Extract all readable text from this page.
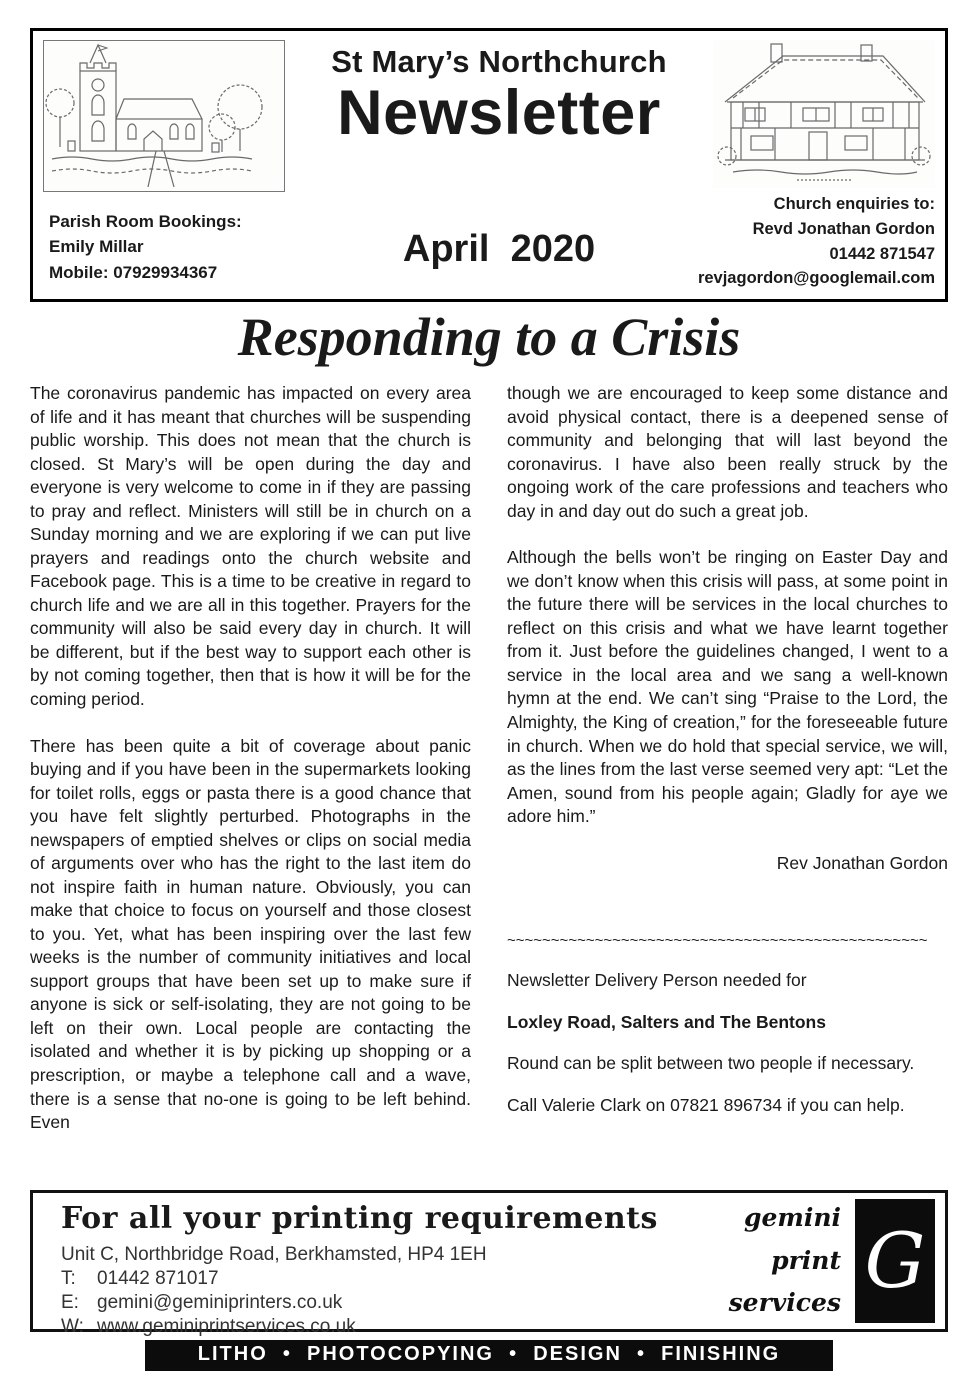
Parish Room Bookings:
Emily Millar
Mobile: 07929934367
St Mary’s Northchurch
Newsletter
April  2020
Church enquiries to:
Revd Jonathan Gordon
01442 871547
revjagordon@googlemail.com
Responding to a Crisis

The coronavirus pandemic has impacted on every area of life and it has meant that churches will be suspending public worship. This does not mean that the church is closed. St Mary’s will be open during the day and everyone is very welcome to come in if they are passing to pray and reflect. Ministers will still be in church on a Sunday morning and we are exploring if we can put live prayers and readings onto the church website and Facebook page. This is a time to be creative in regard to church life and we are all in this together. Prayers for the community will also be said every day in church. It will be different, but if the best way to support each other is by not coming together, then that is how it will be for the coming period.

There has been quite a bit of coverage about panic buying and if you have been in the supermarkets looking for toilet rolls, eggs or pasta there is a good chance that you have felt slightly perturbed. Photographs in the newspapers of emptied shelves or clips on social media of arguments over who has the right to the last item do not inspire faith in human nature. Obviously, you can make that choice to focus on yourself and those closest to you. Yet, what has been inspiring over the last few weeks is the number of community initiatives and local support groups that have been set up to make sure if anyone is sick or self-isolating, they are not going to be left on their own. Local people are contacting the isolated and whether it is by picking up shopping or a prescription, or maybe a telephone call and a wave, there is a sense that no-one is going to be left behind. Even

though we are encouraged to keep some distance and avoid physical contact, there is a deepened sense of community and belonging that will last beyond the coronavirus. I have also been really struck by the ongoing work of the care professions and teachers who day in and day out do such a great job.

Although the bells won’t be ringing on Easter Day and we don’t know when this crisis will pass, at some point in the future there will be services in the local churches to reflect on this crisis and what we have learnt together from it. Just before the guidelines changed, I went to a service in the local area and we sang a well-known hymn at the end. We can’t sing “Praise to the Lord, the Almighty, the King of creation,” for the foreseeable future in church. When we do hold that special service, we will, as the lines from the last verse seemed very apt: “Let the Amen, sound from his people again; Gladly for aye we adore him.”

Rev Jonathan Gordon
~~~~~~~~~~~~~~~~~~~~~~~~~~~~~~~~~~~~~~~~~~~~~~~~
Newsletter Delivery Person needed for
Loxley Road, Salters and The Bentons
Round can be split between two people if necessary.
Call Valerie Clark on 07821 896734 if you can help.
For all your printing requirements
Unit C, Northbridge Road, Berkhamsted, HP4 1EH
T: 01442 871017
E: gemini@geminiprinters.co.uk
W: www.geminiprintservices.co.uk
gemini
print
services G
LITHO  •  PHOTOCOPYING  •  DESIGN  •  FINISHING
